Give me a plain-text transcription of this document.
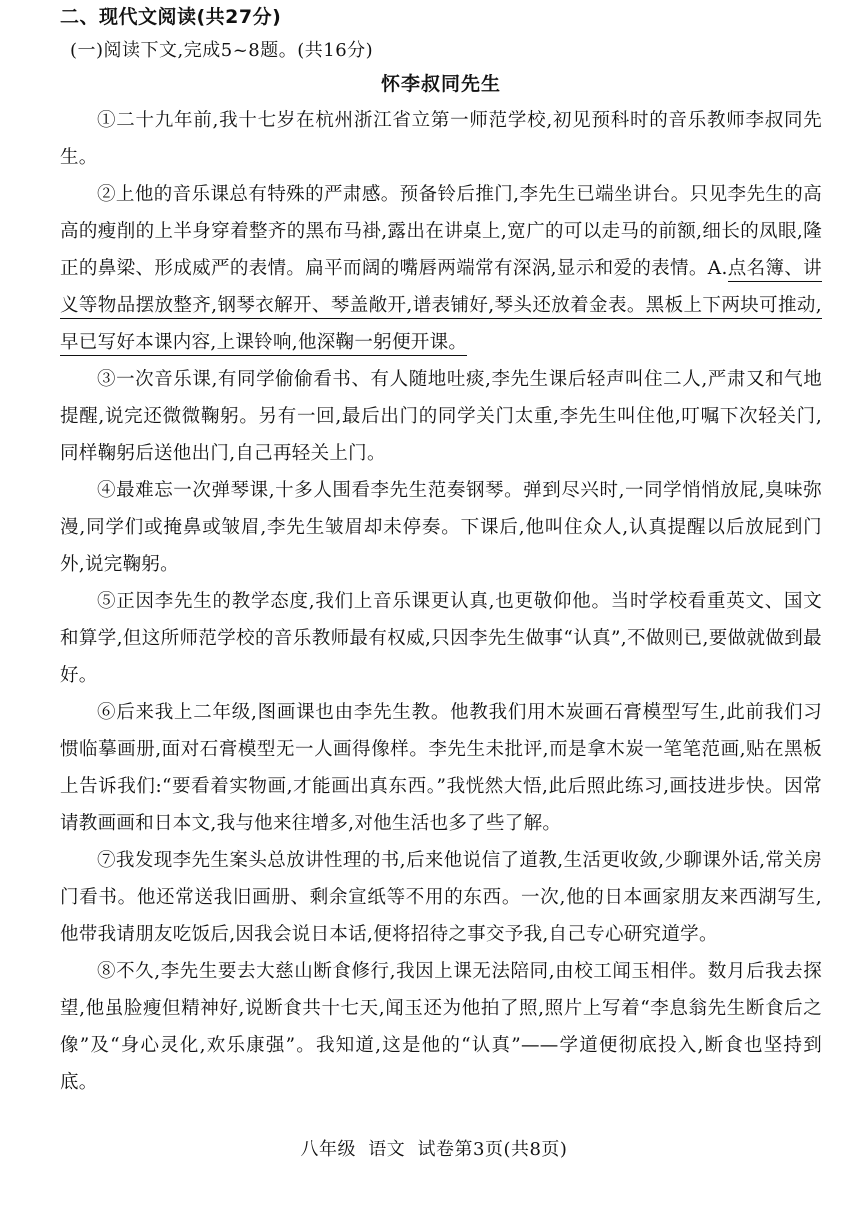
二、现代文阅读(共27分)
(一)阅读下文,完成5~8题。(共16分)
怀李叔同先生

①二十九年前,我十七岁在杭州浙江省立第一师范学校,初见预科时的音乐教师李叔同先生。

②上他的音乐课总有特殊的严肃感。预备铃后推门,李先生已端坐讲台。只见李先生的高高的瘦削的上半身穿着整齐的黑布马褂,露出在讲桌上,宽广的可以走马的前额,细长的凤眼,隆正的鼻梁、形成威严的表情。扁平而阔的嘴唇两端常有深涡,显示和爱的表情。A.点名簿、讲义等物品摆放整齐,钢琴衣解开、琴盖敞开,谱表铺好,琴头还放着金表。黑板上下两块可推动,早已写好本课内容,上课铃响,他深鞠一躬便开课。

③一次音乐课,有同学偷偷看书、有人随地吐痰,李先生课后轻声叫住二人,严肃又和气地提醒,说完还微微鞠躬。另有一回,最后出门的同学关门太重,李先生叫住他,叮嘱下次轻关门,同样鞠躬后送他出门,自己再轻关上门。

④最难忘一次弹琴课,十多人围看李先生范奏钢琴。弹到尽兴时,一同学悄悄放屁,臭味弥漫,同学们或掩鼻或皱眉,李先生皱眉却未停奏。下课后,他叫住众人,认真提醒以后放屁到门外,说完鞠躬。

⑤正因李先生的教学态度,我们上音乐课更认真,也更敬仰他。当时学校看重英文、国文和算学,但这所师范学校的音乐教师最有权威,只因李先生做事“认真”,不做则已,要做就做到最好。

⑥后来我上二年级,图画课也由李先生教。他教我们用木炭画石膏模型写生,此前我们习惯临摹画册,面对石膏模型无一人画得像样。李先生未批评,而是拿木炭一笔笔范画,贴在黑板上告诉我们:“要看着实物画,才能画出真东西。”我恍然大悟,此后照此练习,画技进步快。因常请教画画和日本文,我与他来往增多,对他生活也多了些了解。

⑦我发现李先生案头总放讲性理的书,后来他说信了道教,生活更收敛,少聊课外话,常关房门看书。他还常送我旧画册、剩余宣纸等不用的东西。一次,他的日本画家朋友来西湖写生,他带我请朋友吃饭后,因我会说日本话,便将招待之事交予我,自己专心研究道学。

⑧不久,李先生要去大慈山断食修行,我因上课无法陪同,由校工闻玉相伴。数月后我去探望,他虽脸瘦但精神好,说断食共十七天,闻玉还为他拍了照,照片上写着“李息翁先生断食后之像”及“身心灵化,欢乐康强”。我知道,这是他的“认真”——学道便彻底投入,断食也坚持到底。

八年级 语文 试卷第3页(共8页)
